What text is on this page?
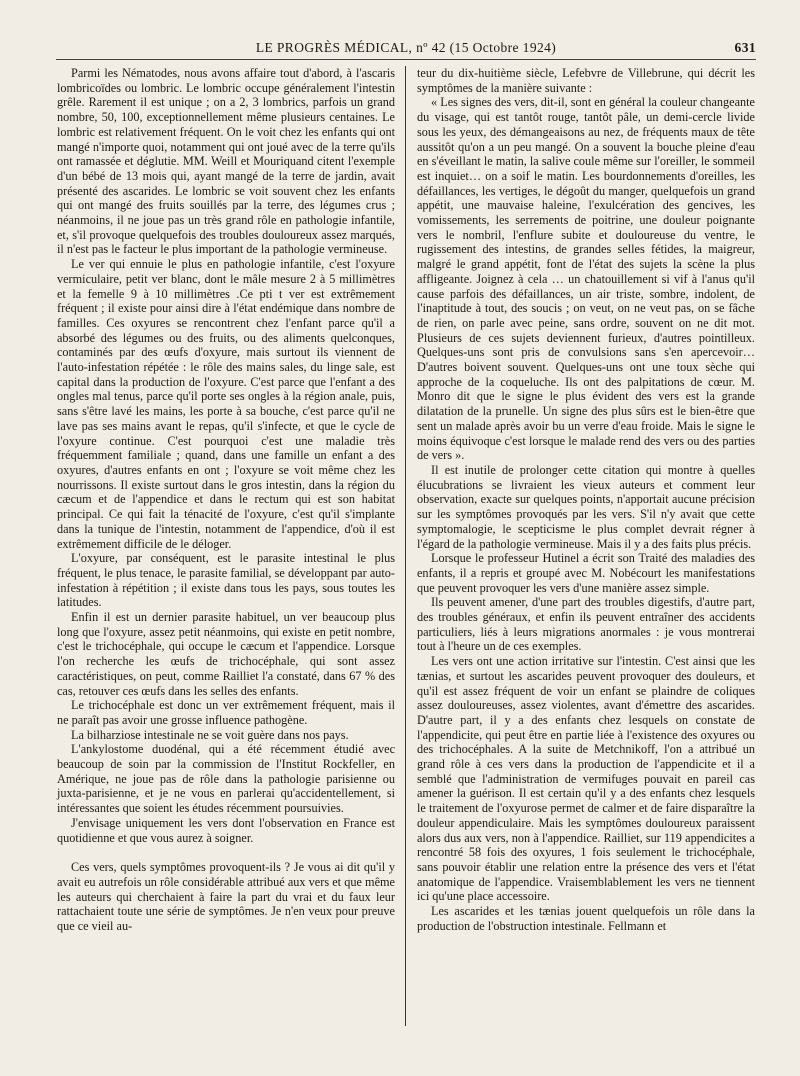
LE PROGRÈS MÉDICAL, nº 42 (15 Octobre 1924)	631

Parmi les Nématodes, nous avons affaire tout d'abord, à l'ascaris lombricoïdes ou lombric. Le lombric occupe généralement l'intestin grêle. Rarement il est unique ; on a 2, 3 lombrics, parfois un grand nombre, 50, 100, exceptionnellement même plusieurs centaines. Le lombric est relativement fréquent. On le voit chez les enfants qui ont mangé n'importe quoi, notamment qui ont joué avec de la terre qu'ils ont ramassée et déglutie. MM. Weill et Mouriquand citent l'exemple d'un bébé de 13 mois qui, ayant mangé de la terre de jardin, avait présenté des ascarides. Le lombric se voit souvent chez les enfants qui ont mangé des fruits souillés par la terre, des légumes crus ; néanmoins, il ne joue pas un très grand rôle en pathologie infantile, et, s'il provoque quelquefois des troubles douloureux assez marqués, il n'est pas le facteur le plus important de la pathologie vermineuse.

Le ver qui ennuie le plus en pathologie infantile, c'est l'oxyure vermiculaire, petit ver blanc, dont le mâle mesure 2 à 5 millimètres et la femelle 9 à 10 millimètres .Ce pti t ver est extrêmement fréquent ; il existe pour ainsi dire à l'état endémique dans nombre de familles. Ces oxyures se rencontrent chez l'enfant parce qu'il a absorbé des légumes ou des fruits, ou des aliments quelconques, contaminés par des œufs d'oxyure, mais surtout ils viennent de l'auto-infestation répétée : le rôle des mains sales, du linge sale, est capital dans la production de l'oxyure. C'est parce que l'enfant a des ongles mal tenus, parce qu'il porte ses ongles à la région anale, puis, sans s'être lavé les mains, les porte à sa bouche, c'est parce qu'il ne lave pas ses mains avant le repas, qu'il s'infecte, et que le cycle de l'oxyure continue. C'est pourquoi c'est une maladie très fréquemment familiale ; quand, dans une famille un enfant a des oxyures, d'autres enfants en ont ; l'oxyure se voit même chez les nourrissons. Il existe surtout dans le gros intestin, dans la région du cæcum et de l'appendice et dans le rectum qui est son habitat principal. Ce qui fait la ténacité de l'oxyure, c'est qu'il s'implante dans la tunique de l'intestin, notamment de l'appendice, d'où il est extrêmement difficile de le déloger.

L'oxyure, par conséquent, est le parasite intestinal le plus fréquent, le plus tenace, le parasite familial, se développant par auto-infestation à répétition ; il existe dans tous les pays, sous toutes les latitudes.

Enfin il est un dernier parasite habituel, un ver beaucoup plus long que l'oxyure, assez petit néanmoins, qui existe en petit nombre, c'est le trichocéphale, qui occupe le cæcum et l'appendice. Lorsque l'on recherche les œufs de trichocéphale, qui sont assez caractéristiques, on peut, comme Railliet l'a constaté, dans 67 % des cas, retouver ces œufs dans les selles des enfants.

Le trichocéphale est donc un ver extrêmement fréquent, mais il ne paraît pas avoir une grosse influence pathogène.

La bilharziose intestinale ne se voit guère dans nos pays.

L'ankylostome duodénal, qui a été récemment étudié avec beaucoup de soin par la commission de l'Institut Rockfeller, en Amérique, ne joue pas de rôle dans la pathologie parisienne ou juxta-parisienne, et je ne vous en parlerai qu'accidentellement, si intéressantes que soient les études récemment poursuivies.

J'envisage uniquement les vers dont l'observation en France est quotidienne et que vous aurez à soigner.

Ces vers, quels symptômes provoquent-ils ? Je vous ai dit qu'il y avait eu autrefois un rôle considérable attribué aux vers et que même les auteurs qui cherchaient à faire la part du vrai et du faux leur rattachaient toute une série de symptômes. Je n'en veux pour preuve que ce vieil au-

teur du dix-huitième siècle, Lefebvre de Villebrune, qui décrit les symptômes de la manière suivante :

« Les signes des vers, dit-il, sont en général la couleur changeante du visage, qui est tantôt rouge, tantôt pâle, un demi-cercle livide sous les yeux, des démangeaisons au nez, de fréquents maux de tête aussitôt qu'on a un peu mangé. On a souvent la bouche pleine d'eau en s'éveillant le matin, la salive coule même sur l'oreiller, le sommeil est inquiet… on a soif le matin. Les bourdonnements d'oreilles, les défaillances, les vertiges, le dégoût du manger, quelquefois un grand appétit, une mauvaise haleine, l'exulcération des gencives, les vomissements, les serrements de poitrine, une douleur poignante vers le nombril, l'enflure subite et douloureuse du ventre, le rugissement des intestins, de grandes selles fétides, la maigreur, malgré le grand appétit, font de l'état des sujets la scène la plus affligeante. Joignez à cela … un chatouillement si vif à l'anus qu'il cause parfois des défaillances, un air triste, sombre, indolent, de l'inaptitude à tout, des soucis ; on veut, on ne veut pas, on se fâche de rien, on parle avec peine, sans ordre, souvent on ne dit mot. Plusieurs de ces sujets deviennent furieux, d'autres pointilleux. Quelques-uns sont pris de convulsions sans s'en apercevoir… D'autres boivent souvent. Quelques-uns ont une toux sèche qui approche de la coqueluche. Ils ont des palpitations de cœur. M. Monro dit que le signe le plus évident des vers est la grande dilatation de la prunelle. Un signe des plus sûrs est le bien-être que sent un malade après avoir bu un verre d'eau froide. Mais le signe le moins équivoque c'est lorsque le malade rend des vers ou des parties de vers ».

Il est inutile de prolonger cette citation qui montre à quelles élucubrations se livraient les vieux auteurs et comment leur observation, exacte sur quelques points, n'apportait aucune précision sur les symptômes provoqués par les vers. S'il n'y avait que cette symptomalogie, le scepticisme le plus complet devrait régner à l'égard de la pathologie vermineuse. Mais il y a des faits plus précis.

Lorsque le professeur Hutinel a écrit son Traité des maladies des enfants, il a repris et groupé avec M. Nobécourt les manifestations que peuvent provoquer les vers d'une manière assez simple.

Ils peuvent amener, d'une part des troubles digestifs, d'autre part, des troubles généraux, et enfin ils peuvent entraîner des accidents particuliers, liés à leurs migrations anormales : je vous montrerai tout à l'heure un de ces exemples.

Les vers ont une action irritative sur l'intestin. C'est ainsi que les tænias, et surtout les ascarides peuvent provoquer des douleurs, et qu'il est assez fréquent de voir un enfant se plaindre de coliques assez douloureuses, assez violentes, avant d'émettre des ascarides. D'autre part, il y a des enfants chez lesquels on constate de l'appendicite, qui peut être en partie liée à l'existence des oxyures ou des trichocéphales. A la suite de Metchnikoff, l'on a attribué un grand rôle à ces vers dans la production de l'appendicite et il a semblé que l'administration de vermifuges pouvait en pareil cas amener la guérison. Il est certain qu'il y a des enfants chez lesquels le traitement de l'oxyurose permet de calmer et de faire disparaître la douleur appendiculaire. Mais les symptômes douloureux paraissent alors dus aux vers, non à l'appendice. Railliet, sur 119 appendicites a rencontré 58 fois des oxyures, 1 fois seulement le trichocéphale, sans pouvoir établir une relation entre la présence des vers et l'état anatomique de l'appendice. Vraisemblablement les vers ne tiennent ici qu'une place accessoire.

Les ascarides et les tænias jouent quelquefois un rôle dans la production de l'obstruction intestinale. Fellmann et
